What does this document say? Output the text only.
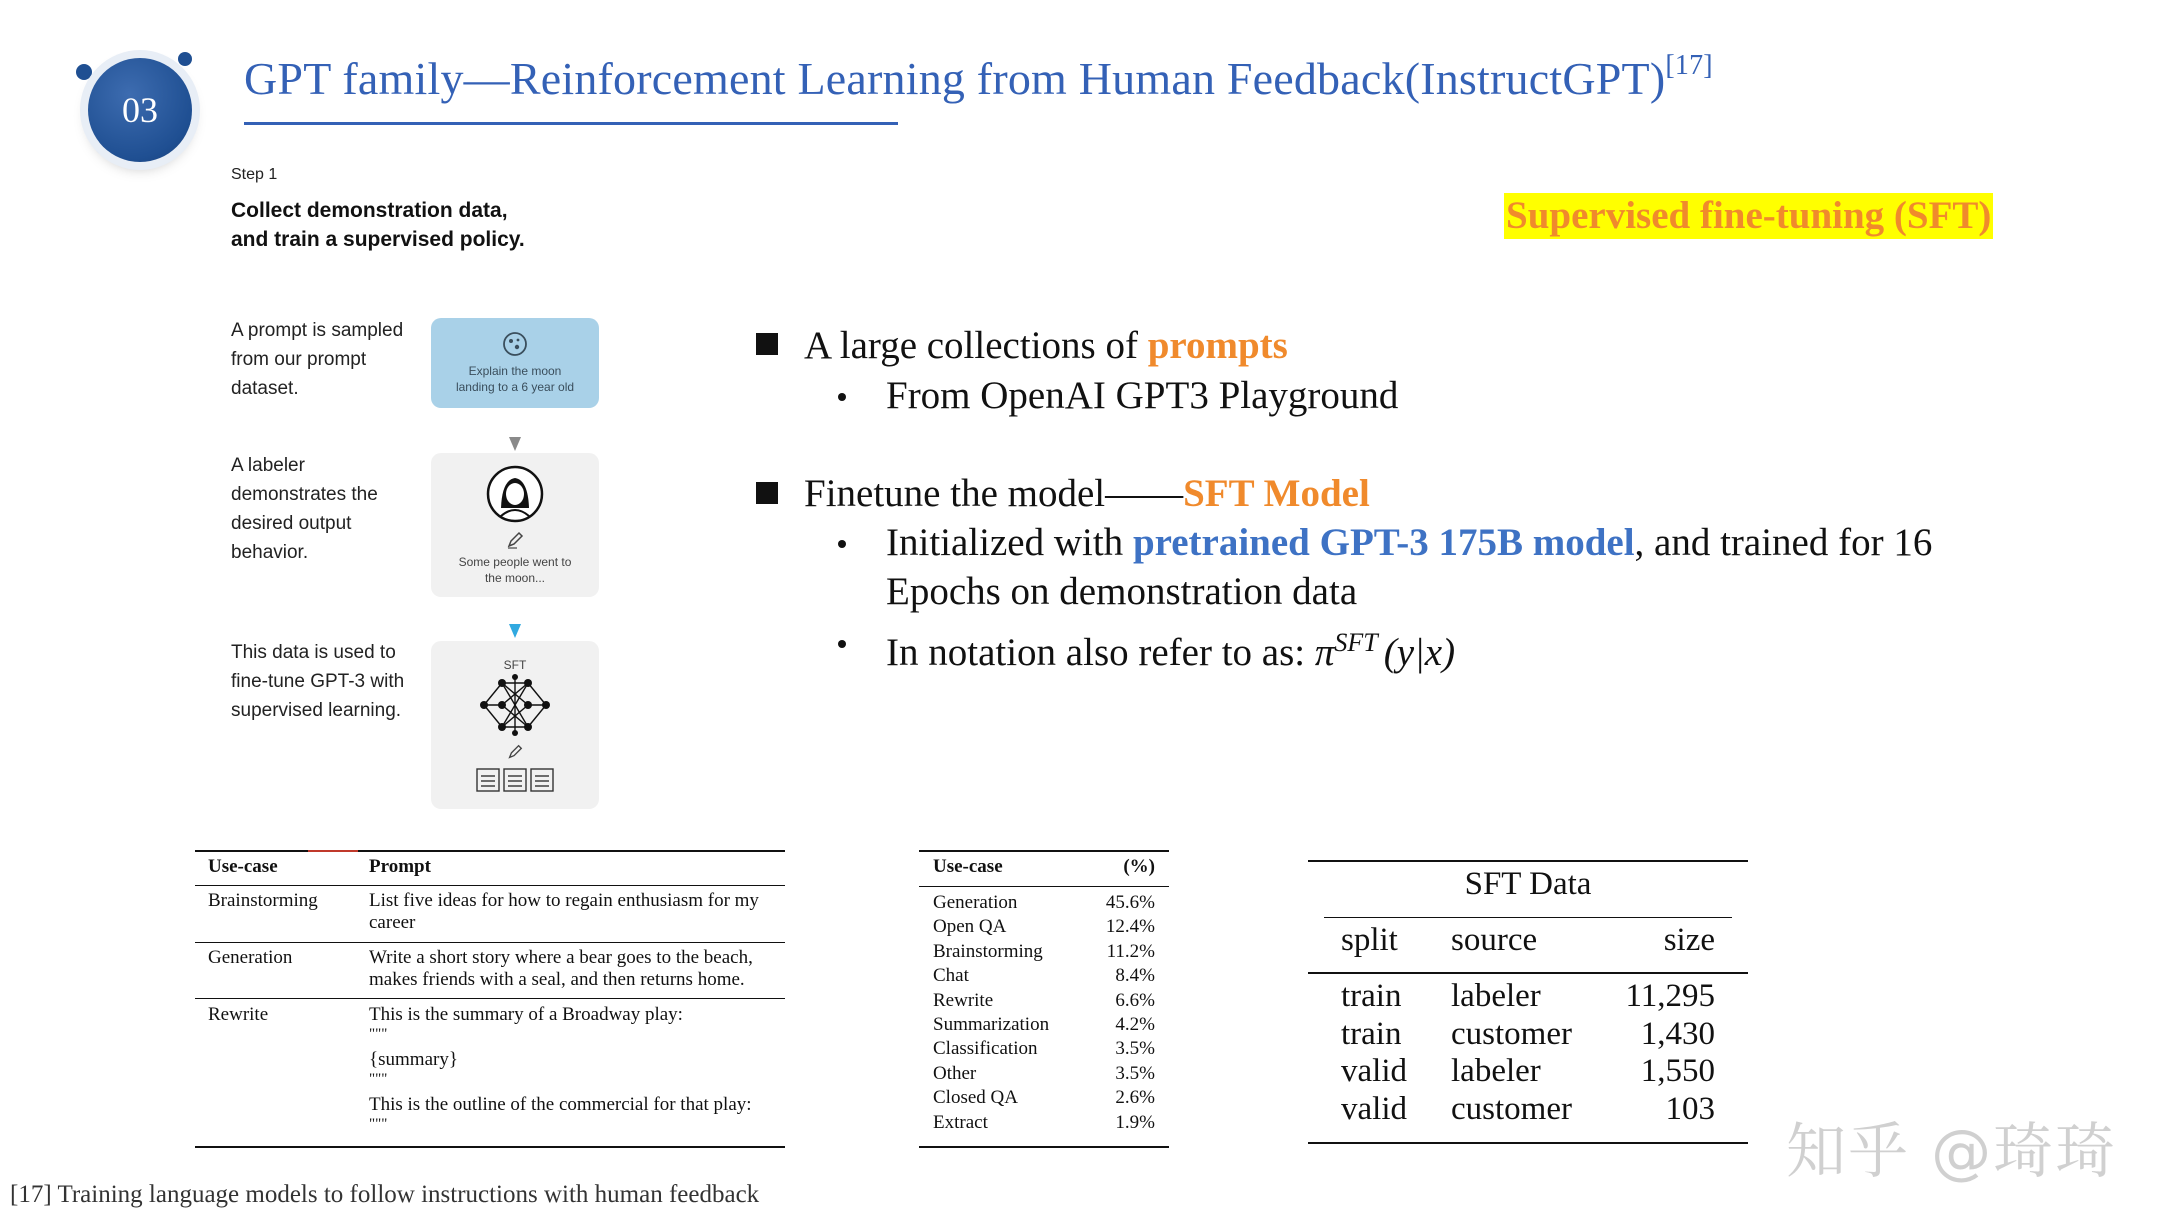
03
GPT family—Reinforcement Learning from Human Feedback(InstructGPT)[17]
Step 1
Collect demonstration data,
and train a supervised policy.
A prompt is sampled from our prompt dataset.
Explain the moon landing to a 6 year old
A labeler demonstrates the desired output behavior.	Some people went to the moon...
This data is used to fine-tune GPT-3 with supervised learning.
SFT
Supervised fine-tuning (SFT)
A large collections of prompts
From OpenAI GPT3 Playground
Finetune the model——SFT Model
Initialized with pretrained GPT-3 175B model, and trained for 16
Epochs on demonstration data
In notation also refer to as: $\pi^{SFT}$ (y|x)
Use-case	Prompt
Brainstorming	List five ideas for how to regain enthusiasm for my
career
Generation	Write a short story where a bear goes to the beach,
makes friends with a seal, and then returns home.
Rewrite	This is the summary of a Broadway play:
"""
{summary}
"""
This is the outline of the commercial for that play:
"""
Use-case	(%)
Generation	45.6%
Open QA	12.4%
Brainstorming	11.2%
Chat	8.4%
Rewrite	6.6%
Summarization	4.2%
Classification	3.5%
Other	3.5%
Closed QA	2.6%
Extract	1.9%
SFT Data
split source	size
train labeler	11,295
train customer 1,430
valid labeler	1,550
valid customer	103
[17] Training language models to follow instructions with human feedback
知乎 @琦琦
